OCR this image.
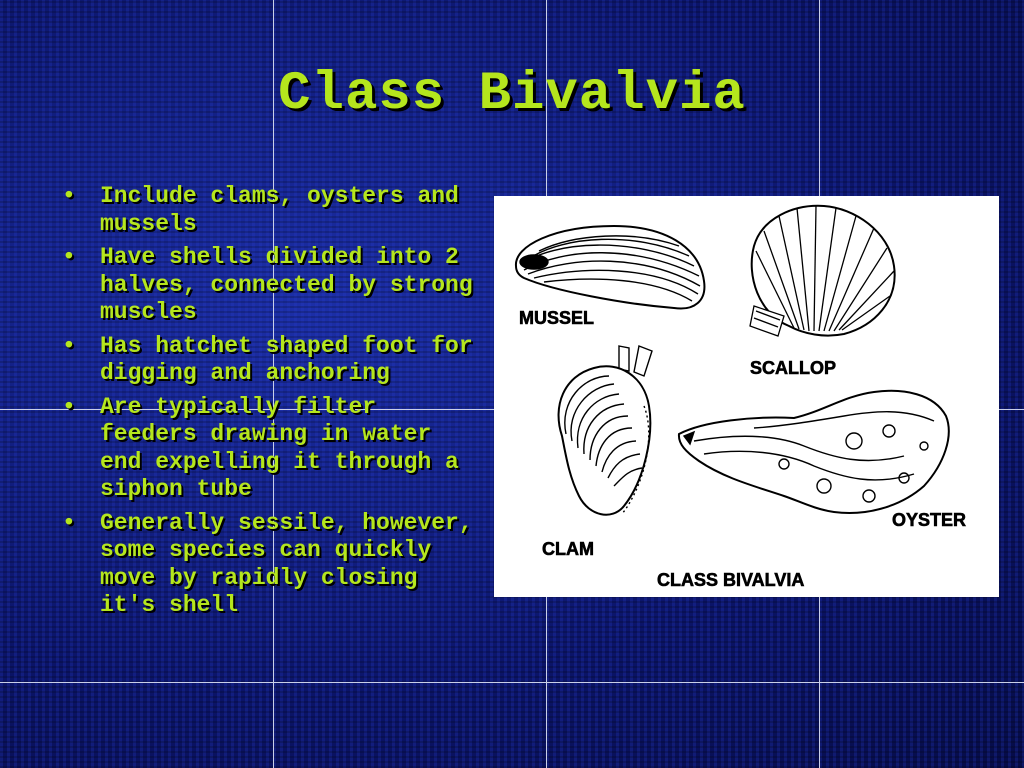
Class Bivalvia
• Include clams, oysters and mussels
• Have shells divided into 2 halves, connected by strong muscles
• Has hatchet shaped foot for digging and anchoring
• Are typically filter feeders drawing in water end expelling it through a siphon tube
• Generally sessile, however, some species can quickly move by rapidly closing it's shell
MUSSEL
SCALLOP
CLAM
OYSTER
CLASS BIVALVIA
